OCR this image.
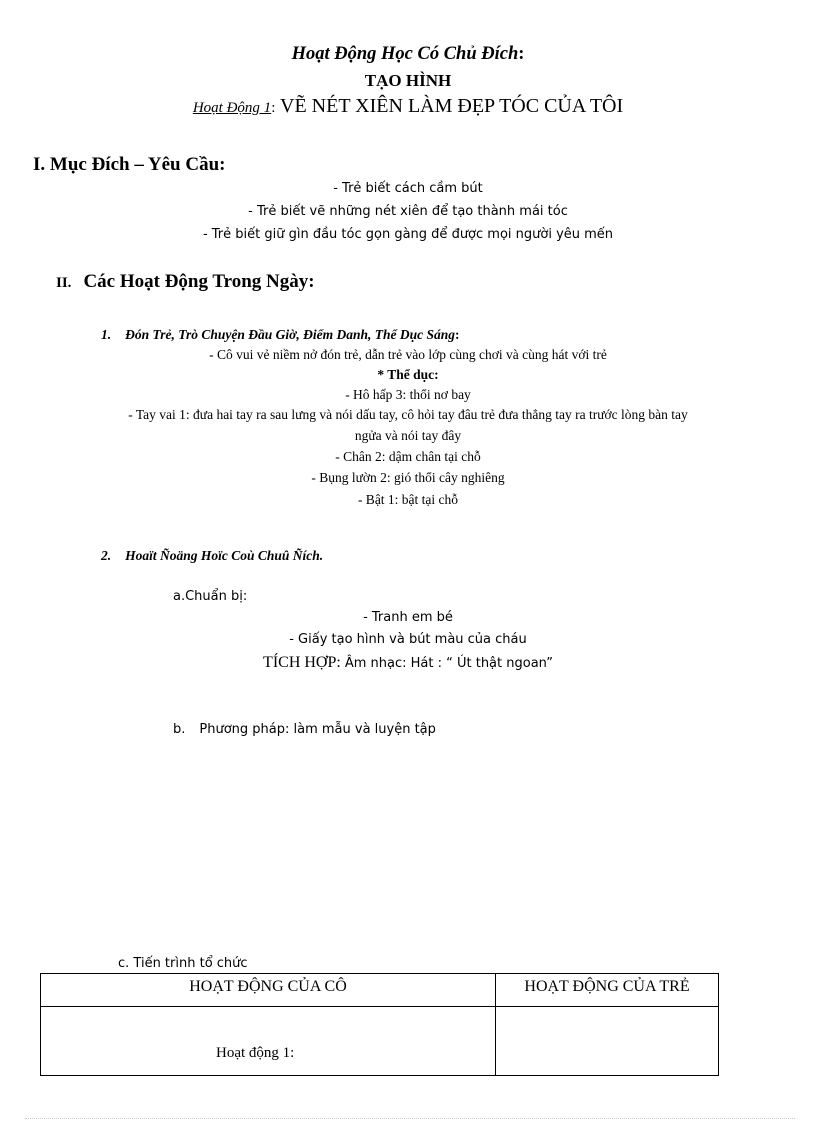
Hoạt Động Học Có Chủ Đích:
TẠO HÌNH
Hoạt Động 1: VẼ NÉT XIÊN LÀM ĐẸP TÓC CỦA TÔI
I. Mục Đích – Yêu Cầu:
- Trẻ biết cách cầm bút
- Trẻ biết vẽ những nét xiên để tạo thành mái tóc
- Trẻ biết giữ gìn đầu tóc gọn gàng để được mọi người yêu mến
II. Các Hoạt Động Trong Ngày:
1. Đón Trẻ, Trò Chuyện Đầu Giờ, Điểm Danh, Thể Dục Sáng:
- Cô vui vẻ niềm nở đón trẻ, dẫn trẻ vào lớp cùng chơi và cùng hát với trẻ
* Thể dục:
- Hô hấp 3: thổi nơ bay
- Tay vai 1: đưa hai tay ra sau lưng và nói dấu tay, cô hỏi tay đâu trẻ đưa thẳng tay ra trước lòng bàn tay
ngửa và nói tay đây
- Chân 2: dậm chân tại chỗ
- Bụng lườn 2: gió thổi cây nghiêng
- Bật 1: bật tại chỗ
2. Hoaït Ñoäng Hoïc Coù Chuû Ñích.
a.Chuẩn bị:
- Tranh em bé
- Giấy tạo hình và bút màu của cháu
TÍCH HỢP: Âm nhạc: Hát : “ Út thật ngoan”
b. Phương pháp: làm mẫu và luyện tập
c. Tiến trình tổ chức
HOẠT ĐỘNG CỦA CÔ	HOẠT ĐỘNG CỦA TRẺ

Hoạt động 1:	
